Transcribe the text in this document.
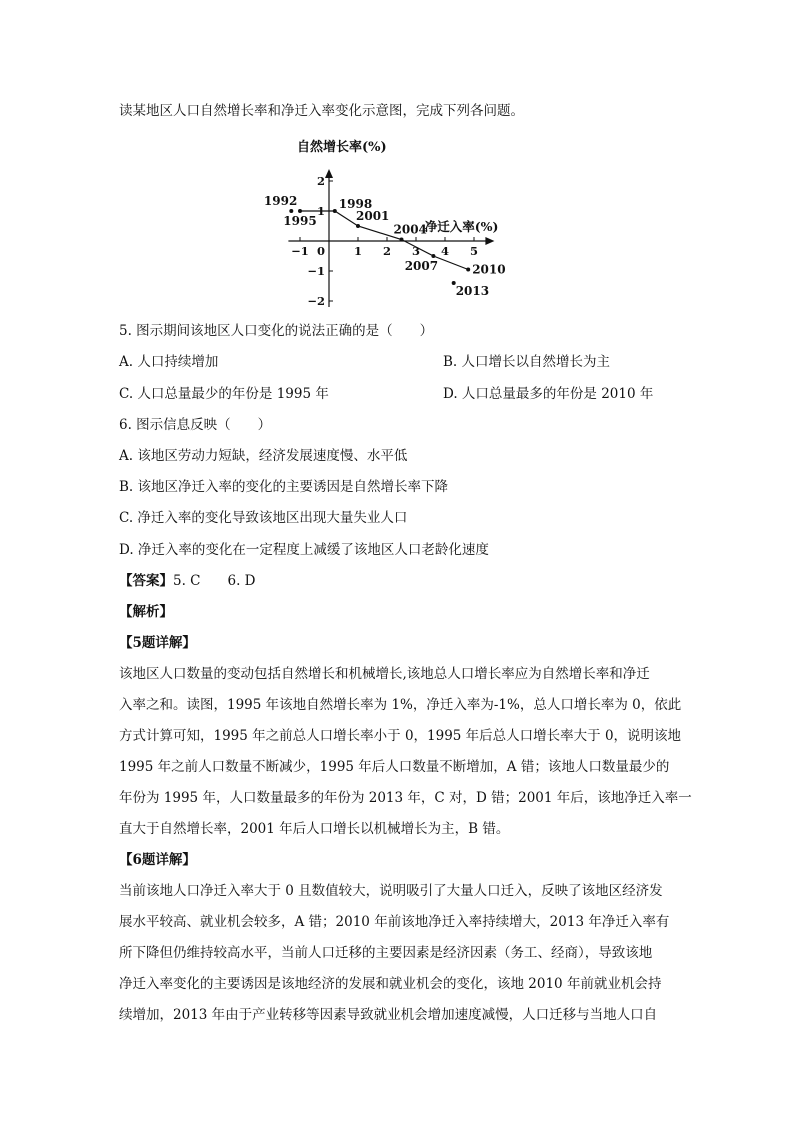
读某地区人口自然增长率和净迁入率变化示意图，完成下列各问题。
自然增长率(%)
−1	1 2 3 4 5
2
1
−1
−2
0
净迁入率(%)
1992
1995
1998
2001
2004
2007	2010
2013
5. 图示期间该地区人口变化的说法正确的是（　　）
A. 人口持续增加	B. 人口增长以自然增长为主
C. 人口总量最少的年份是 1995 年	D. 人口总量最多的年份是 2010 年
6. 图示信息反映（　　）
A. 该地区劳动力短缺，经济发展速度慢、水平低
B. 该地区净迁入率的变化的主要诱因是自然增长率下降
C. 净迁入率的变化导致该地区出现大量失业人口
D. 净迁入率的变化在一定程度上减缓了该地区人口老龄化速度
【答案】5. C　　6. D
【解析】
【5题详解】
该地区人口数量的变动包括自然增长和机械增长,该地总人口增长率应为自然增长率和净迁
入率之和。读图，1995 年该地自然增长率为 1%，净迁入率为-1%，总人口增长率为 0，依此
方式计算可知，1995 年之前总人口增长率小于 0，1995 年后总人口增长率大于 0，说明该地
1995 年之前人口数量不断减少，1995 年后人口数量不断增加，A 错；该地人口数量最少的
年份为 1995 年，人口数量最多的年份为 2013 年，C 对，D 错；2001 年后，该地净迁入率一
直大于自然增长率，2001 年后人口增长以机械增长为主，B 错。
【6题详解】
当前该地人口净迁入率大于 0 且数值较大，说明吸引了大量人口迁入，反映了该地区经济发
展水平较高、就业机会较多，A 错；2010 年前该地净迁入率持续增大，2013 年净迁入率有
所下降但仍维持较高水平，当前人口迁移的主要因素是经济因素（务工、经商），导致该地
净迁入率变化的主要诱因是该地经济的发展和就业机会的变化，该地 2010 年前就业机会持
续增加，2013 年由于产业转移等因素导致就业机会增加速度减慢，人口迁移与当地人口自
